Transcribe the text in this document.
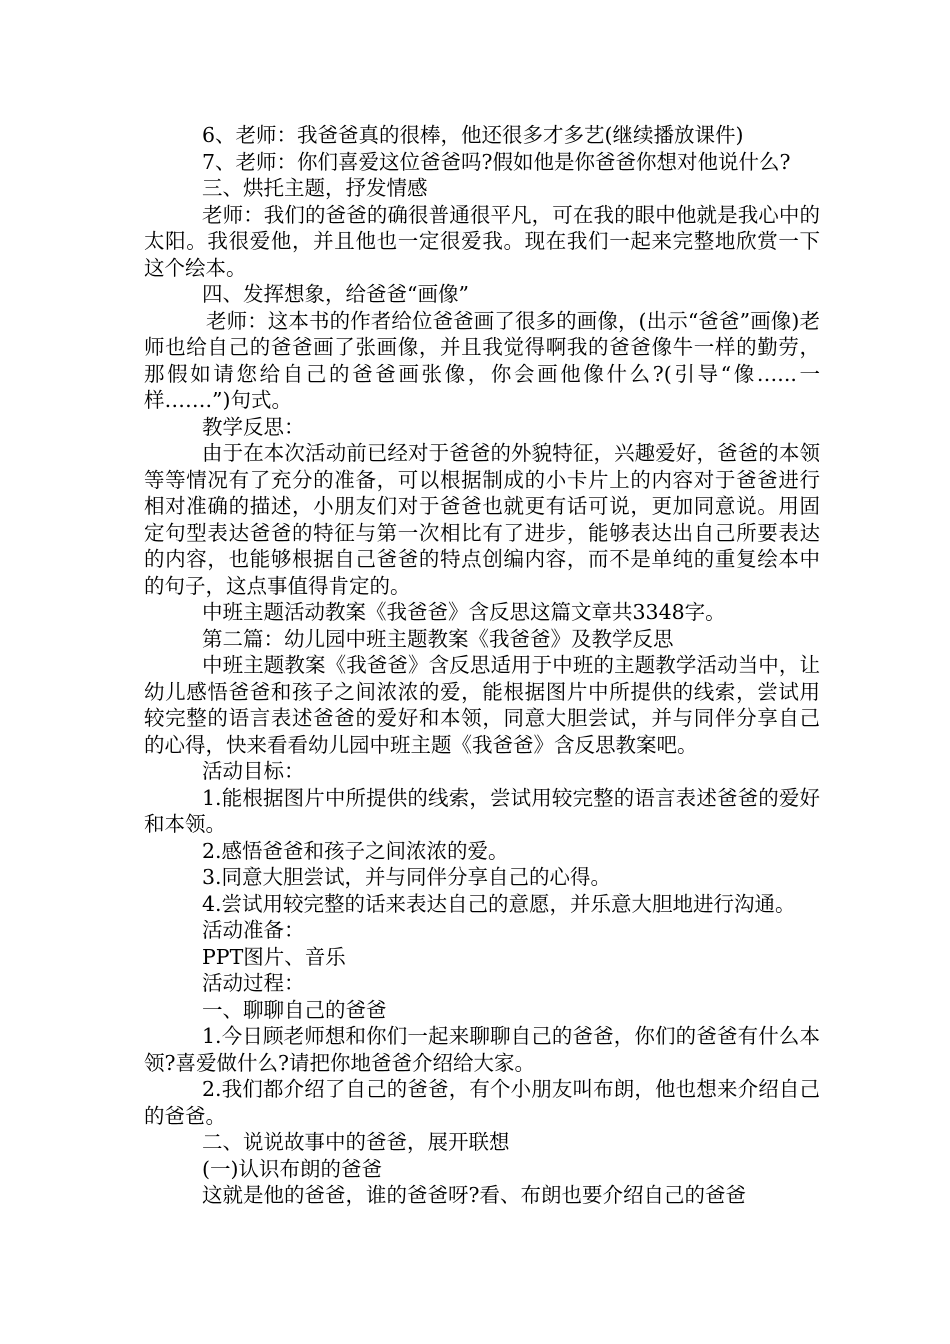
6、老师：我爸爸真的很棒，他还很多才多艺(继续播放课件)

7、老师：你们喜爱这位爸爸吗?假如他是你爸爸你想对他说什么?

三、烘托主题，抒发情感

老师：我们的爸爸的确很普通很平凡，可在我的眼中他就是我心中的太阳。我很爱他，并且他也一定很爱我。现在我们一起来完整地欣赏一下这个绘本。

四、发挥想象，给爸爸“画像”

老师：这本书的作者给位爸爸画了很多的画像，(出示“爸爸”画像)老师也给自己的爸爸画了张画像，并且我觉得啊我的爸爸像牛一样的勤劳，那假如请您给自己的爸爸画张像，你会画他像什么?(引导“像…...一样…….”)句式。

教学反思：

由于在本次活动前已经对于爸爸的外貌特征，兴趣爱好，爸爸的本领等等情况有了充分的准备，可以根据制成的小卡片上的内容对于爸爸进行相对准确的描述，小朋友们对于爸爸也就更有话可说，更加同意说。用固定句型表达爸爸的特征与第一次相比有了进步，能够表达出自己所要表达的内容，也能够根据自己爸爸的特点创编内容，而不是单纯的重复绘本中的句子，这点事值得肯定的。

中班主题活动教案《我爸爸》含反思这篇文章共3348字。

第二篇：幼儿园中班主题教案《我爸爸》及教学反思

中班主题教案《我爸爸》含反思适用于中班的主题教学活动当中，让幼儿感悟爸爸和孩子之间浓浓的爱，能根据图片中所提供的线索，尝试用较完整的语言表述爸爸的爱好和本领，同意大胆尝试，并与同伴分享自己的心得，快来看看幼儿园中班主题《我爸爸》含反思教案吧。

活动目标：

1.能根据图片中所提供的线索，尝试用较完整的语言表述爸爸的爱好和本领。

2.感悟爸爸和孩子之间浓浓的爱。

3.同意大胆尝试，并与同伴分享自己的心得。

4.尝试用较完整的话来表达自己的意愿，并乐意大胆地进行沟通。

活动准备：

PPT图片、音乐

活动过程：

一、聊聊自己的爸爸

1.今日顾老师想和你们一起来聊聊自己的爸爸，你们的爸爸有什么本领?喜爱做什么?请把你地爸爸介绍给大家。

2.我们都介绍了自己的爸爸，有个小朋友叫布朗，他也想来介绍自己的爸爸。

二、说说故事中的爸爸，展开联想

(一)认识布朗的爸爸

这就是他的爸爸，谁的爸爸呀?看、布朗也要介绍自己的爸爸
